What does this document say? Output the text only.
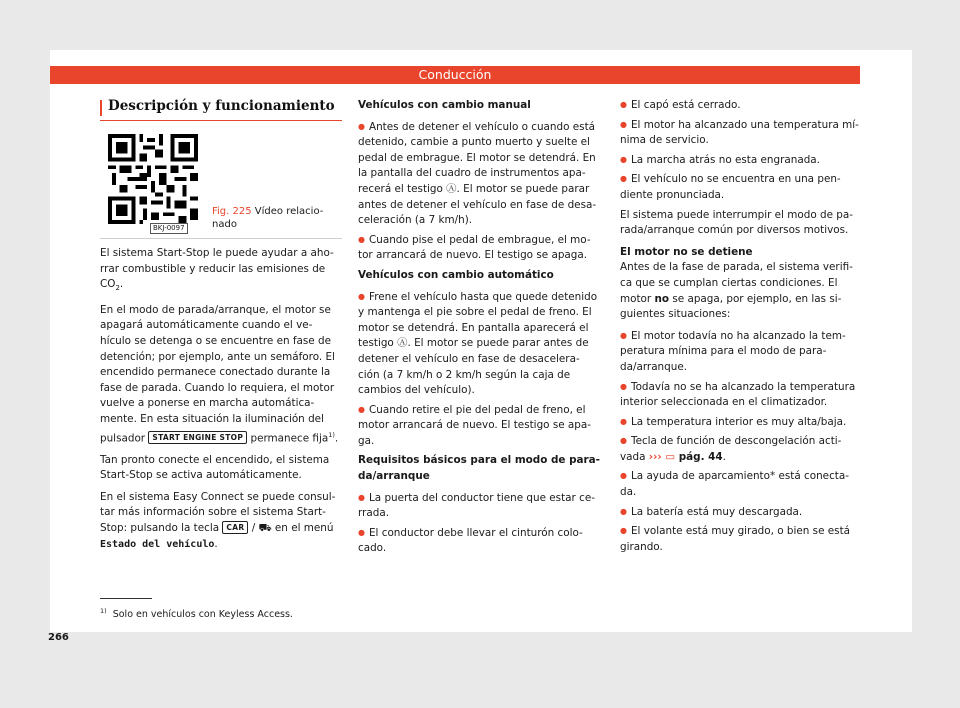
Conducción
Descripción y funcionamiento
BKJ-0097
Fig. 225 Vídeo relacio-
nado

El sistema Start-Stop le puede ayudar a aho-rrar combustible y reducir las emisiones de $CO_2$.

En el modo de parada/arranque, el motor se apagará automáticamente cuando el ve-hículo se detenga o se encuentre en fase de detención; por ejemplo, ante un semáforo. El encendido permanece conectado durante la fase de parada. Cuando lo requiera, el motor vuelve a ponerse en marcha automática-mente. En esta situación la iluminación del pulsador START ENGINE STOP permanece fija$^{1)}$.

Tan pronto conecte el encendido, el sistema Start-Stop se activa automáticamente.

En el sistema Easy Connect se puede consul-tar más información sobre el sistema Start-Stop: pulsando la tecla CAR / ⛟ en el menú Estado del vehículo.

Vehículos con cambio manual

● Antes de detener el vehículo o cuando está detenido, cambie a punto muerto y suelte el pedal de embrague. El motor se detendrá. En la pantalla del cuadro de instrumentos apa-recerá el testigo Ⓐ. El motor se puede parar antes de detener el vehículo en fase de desa-celeración (a 7 km/h).

● Cuando pise el pedal de embrague, el mo-tor arrancará de nuevo. El testigo se apaga.

Vehículos con cambio automático

● Frene el vehículo hasta que quede detenido y mantenga el pie sobre el pedal de freno. El motor se detendrá. En pantalla aparecerá el testigo Ⓐ. El motor se puede parar antes de detener el vehículo en fase de desacelera-ción (a 7 km/h o 2 km/h según la caja de cambios del vehículo).

● Cuando retire el pie del pedal de freno, el motor arrancará de nuevo. El testigo se apa-ga.

Requisitos básicos para el modo de para-da/arranque

● La puerta del conductor tiene que estar ce-rrada.

● El conductor debe llevar el cinturón colo-cado.

● El capó está cerrado.

● El motor ha alcanzado una temperatura mí-nima de servicio.

● La marcha atrás no esta engranada.

● El vehículo no se encuentra en una pen-diente pronunciada.

El sistema puede interrumpir el modo de pa-rada/arranque común por diversos motivos.

El motor no se detiene

Antes de la fase de parada, el sistema verifi-ca que se cumplan ciertas condiciones. El motor no se apaga, por ejemplo, en las si-guientes situaciones:

● El motor todavía no ha alcanzado la tem-peratura mínima para el modo de para-da/arranque.

● Todavía no se ha alcanzado la temperatura interior seleccionada en el climatizador.

● La temperatura interior es muy alta/baja.

● Tecla de función de descongelación acti-vada ››› ▭ pág. 44.

● La ayuda de aparcamiento* está conecta-da.

● La batería está muy descargada.

● El volante está muy girado, o bien se está girando.

$^{1)}$ Solo en vehículos con Keyless Access.
266
